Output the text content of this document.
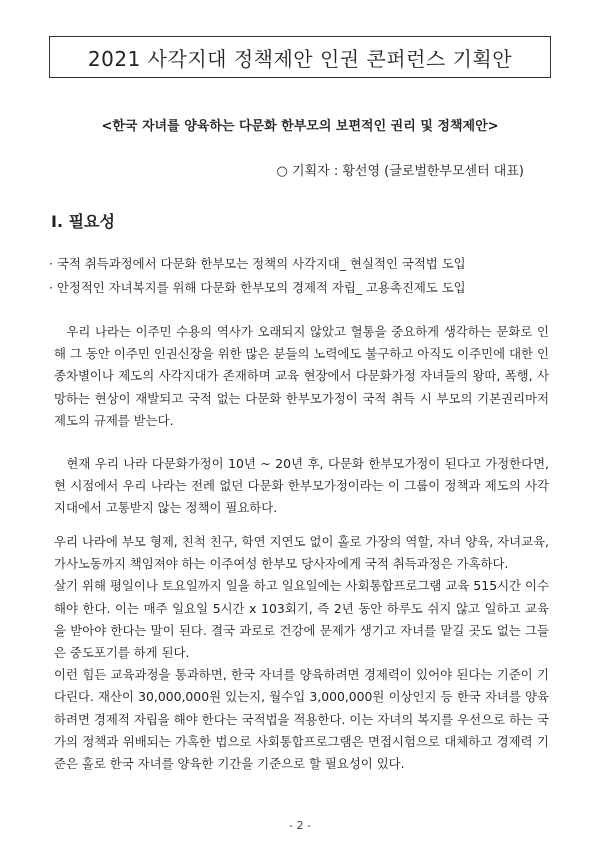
2021 사각지대 정책제안 인권 콘퍼런스 기획안
<한국 자녀를 양육하는 다문화 한부모의 보편적인 권리 및 정책제안>
○ 기획자 : 황선영 (글로벌한부모센터 대표)
Ⅰ. 필요성
· 국적 취득과정에서 다문화 한부모는 정책의 사각지대_ 현실적인 국적법 도입
· 안정적인 자녀복지를 위해 다문화 한부모의 경제적 자립_ 고용촉진제도 도입

우리 나라는 이주민 수용의 역사가 오래되지 않았고 혈통을 중요하게 생각하는 문화로 인해 그 동안 이주민 인권신장을 위한 많은 분들의 노력에도 불구하고 아직도 이주민에 대한 인종차별이나 제도의 사각지대가 존재하며 교육 현장에서 다문화가정 자녀들의 왕따, 폭행, 사망하는 현상이 재발되고 국적 없는 다문화 한부모가정이 국적 취득 시 부모의 기본권리마저 제도의 규제를 받는다.

현재 우리 나라 다문화가정이 10년 ~ 20년 후, 다문화 한부모가정이 된다고 가정한다면, 현 시점에서 우리 나라는 전례 없던 다문화 한부모가정이라는 이 그룹이 정책과 제도의 사각지대에서 고통받지 않는 정책이 필요하다.

우리 나라에 부모 형제, 친척 친구, 학연 지연도 없이 홀로 가장의 역할, 자녀 양육, 자녀교육, 가사노동까지 책임져야 하는 이주여성 한부모 당사자에게 국적 취득과정은 가혹하다.
살기 위해 평일이나 토요일까지 일을 하고 일요일에는 사회통합프로그램 교육 515시간 이수해야 한다. 이는 매주 일요일 5시간 x 103회기, 즉 2년 동안 하루도 쉬지 않고 일하고 교육을 받아야 한다는 말이 된다. 결국 과로로 건강에 문제가 생기고 자녀를 맡길 곳도 없는 그들은 중도포기를 하게 된다.
이런 힘든 교육과정을 통과하면, 한국 자녀를 양육하려면 경제력이 있어야 된다는 기준이 기다린다. 재산이 30,000,000원 있는지, 월수입 3,000,000원 이상인지 등 한국 자녀를 양육하려면 경제적 자립을 해야 한다는 국적법을 적용한다. 이는 자녀의 복지를 우선으로 하는 국가의 정책과 위배되는 가혹한 법으로 사회통합프로그램은 면접시험으로 대체하고 경제력 기준은 홀로 한국 자녀를 양육한 기간을 기준으로 할 필요성이 있다.
- 2 -
